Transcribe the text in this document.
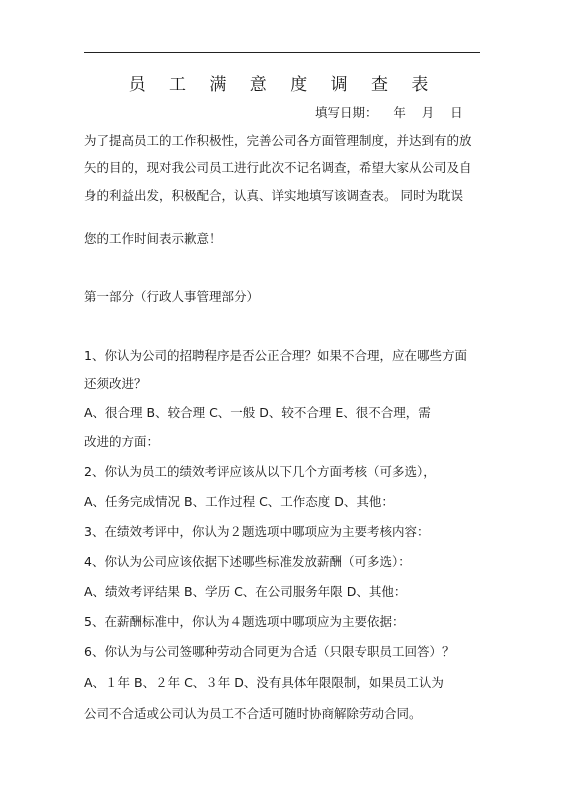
员 工 满 意 度 调 查 表
填写日期：    年    月    日
为了提高员工的工作积极性，完善公司各方面管理制度，并达到有的放
矢的目的，现对我公司员工进行此次不记名调查，希望大家从公司及自
身的利益出发，积极配合，认真、详实地填写该调查表。 同时为耽误
您的工作时间表示歉意！
第一部分（行政人事管理部分）
1、你认为公司的招聘程序是否公正合理？如果不合理，应在哪些方面
还须改进？
A、很合理 B、较合理 C、一般 D、较不合理 E、很不合理，需
改进的方面：
2、你认为员工的绩效考评应该从以下几个方面考核（可多选），
A、任务完成情况 B、工作过程 C、工作态度 D、其他：
3、在绩效考评中，你认为２题选项中哪项应为主要考核内容：
4、你认为公司应该依据下述哪些标准发放薪酬（可多选）：
A、绩效考评结果 B、学历 C、在公司服务年限 D、其他：
5、在薪酬标准中，你认为４题选项中哪项应为主要依据：
6、你认为与公司签哪种劳动合同更为合适（只限专职员工回答）？
A、１年 B、２年 C、３年 D、没有具体年限限制，如果员工认为
公司不合适或公司认为员工不合适可随时协商解除劳动合同。
